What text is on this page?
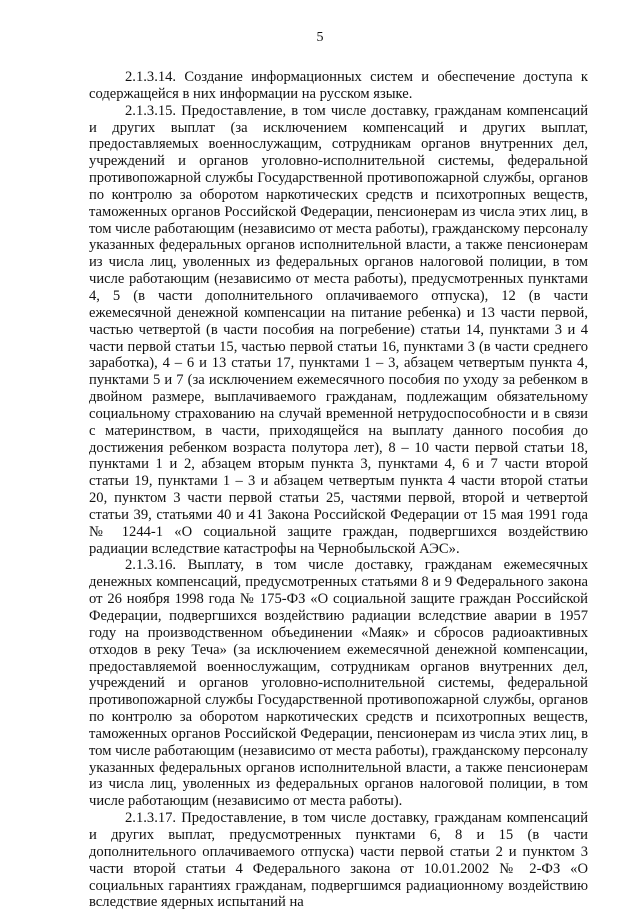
5

2.1.3.14. Создание информационных систем и обеспечение доступа к содержащейся в них информации на русском языке.

2.1.3.15. Предоставление, в том числе доставку, гражданам компенсаций и других выплат (за исключением компенсаций и других выплат, предоставляемых военнослужащим, сотрудникам органов внутренних дел, учреждений и органов уголовно-исполнительной системы, федеральной противопожарной службы Государственной противопожарной службы, органов по контролю за оборотом наркотических средств и психотропных веществ, таможенных органов Российской Федерации, пенсионерам из числа этих лиц, в том числе работающим (независимо от места работы), гражданскому персоналу указанных федеральных органов исполнительной власти, а также пенсионерам из числа лиц, уволенных из федеральных органов налоговой полиции, в том числе работающим (независимо от места работы), предусмотренных пунктами 4, 5 (в части дополнительного оплачиваемого отпуска), 12 (в части ежемесячной денежной компенсации на питание ребенка) и 13 части первой, частью четвертой (в части пособия на погребение) статьи 14, пунктами 3 и 4 части первой статьи 15, частью первой статьи 16, пунктами 3 (в части среднего заработка), 4 – 6 и 13 статьи 17, пунктами 1 – 3, абзацем четвертым пункта 4, пунктами 5 и 7 (за исключением ежемесячного пособия по уходу за ребенком в двойном размере, выплачиваемого гражданам, подлежащим обязательному социальному страхованию на случай временной нетрудоспособности и в связи с материнством, в части, приходящейся на выплату данного пособия до достижения ребенком возраста полутора лет), 8 – 10 части первой статьи 18, пунктами 1 и 2, абзацем вторым пункта 3, пунктами 4, 6 и 7 части второй статьи 19, пунктами 1 – 3 и абзацем четвертым пункта 4 части второй статьи 20, пунктом 3 части первой статьи 25, частями первой, второй и четвертой статьи 39, статьями 40 и 41 Закона Российской Федерации от 15 мая 1991 года № 1244-1 «О социальной защите граждан, подвергшихся воздействию радиации вследствие катастрофы на Чернобыльской АЭС».

2.1.3.16. Выплату, в том числе доставку, гражданам ежемесячных денежных компенсаций, предусмотренных статьями 8 и 9 Федерального закона от 26 ноября 1998 года № 175-ФЗ «О социальной защите граждан Российской Федерации, подвергшихся воздействию радиации вследствие аварии в 1957 году на производственном объединении «Маяк» и сбросов радиоактивных отходов в реку Теча» (за исключением ежемесячной денежной компенсации, предоставляемой военнослужащим, сотрудникам органов внутренних дел, учреждений и органов уголовно-исполнительной системы, федеральной противопожарной службы Государственной противопожарной службы, органов по контролю за оборотом наркотических средств и психотропных веществ, таможенных органов Российской Федерации, пенсионерам из числа этих лиц, в том числе работающим (независимо от места работы), гражданскому персоналу указанных федеральных органов исполнительной власти, а также пенсионерам из числа лиц, уволенных из федеральных органов налоговой полиции, в том числе работающим (независимо от места работы).

2.1.3.17. Предоставление, в том числе доставку, гражданам компенсаций и других выплат, предусмотренных пунктами 6, 8 и 15 (в части дополнительного оплачиваемого отпуска) части первой статьи 2 и пунктом 3 части второй статьи 4 Федерального закона от 10.01.2002 № 2-ФЗ «О социальных гарантиях гражданам, подвергшимся радиационному воздействию вследствие ядерных испытаний на
